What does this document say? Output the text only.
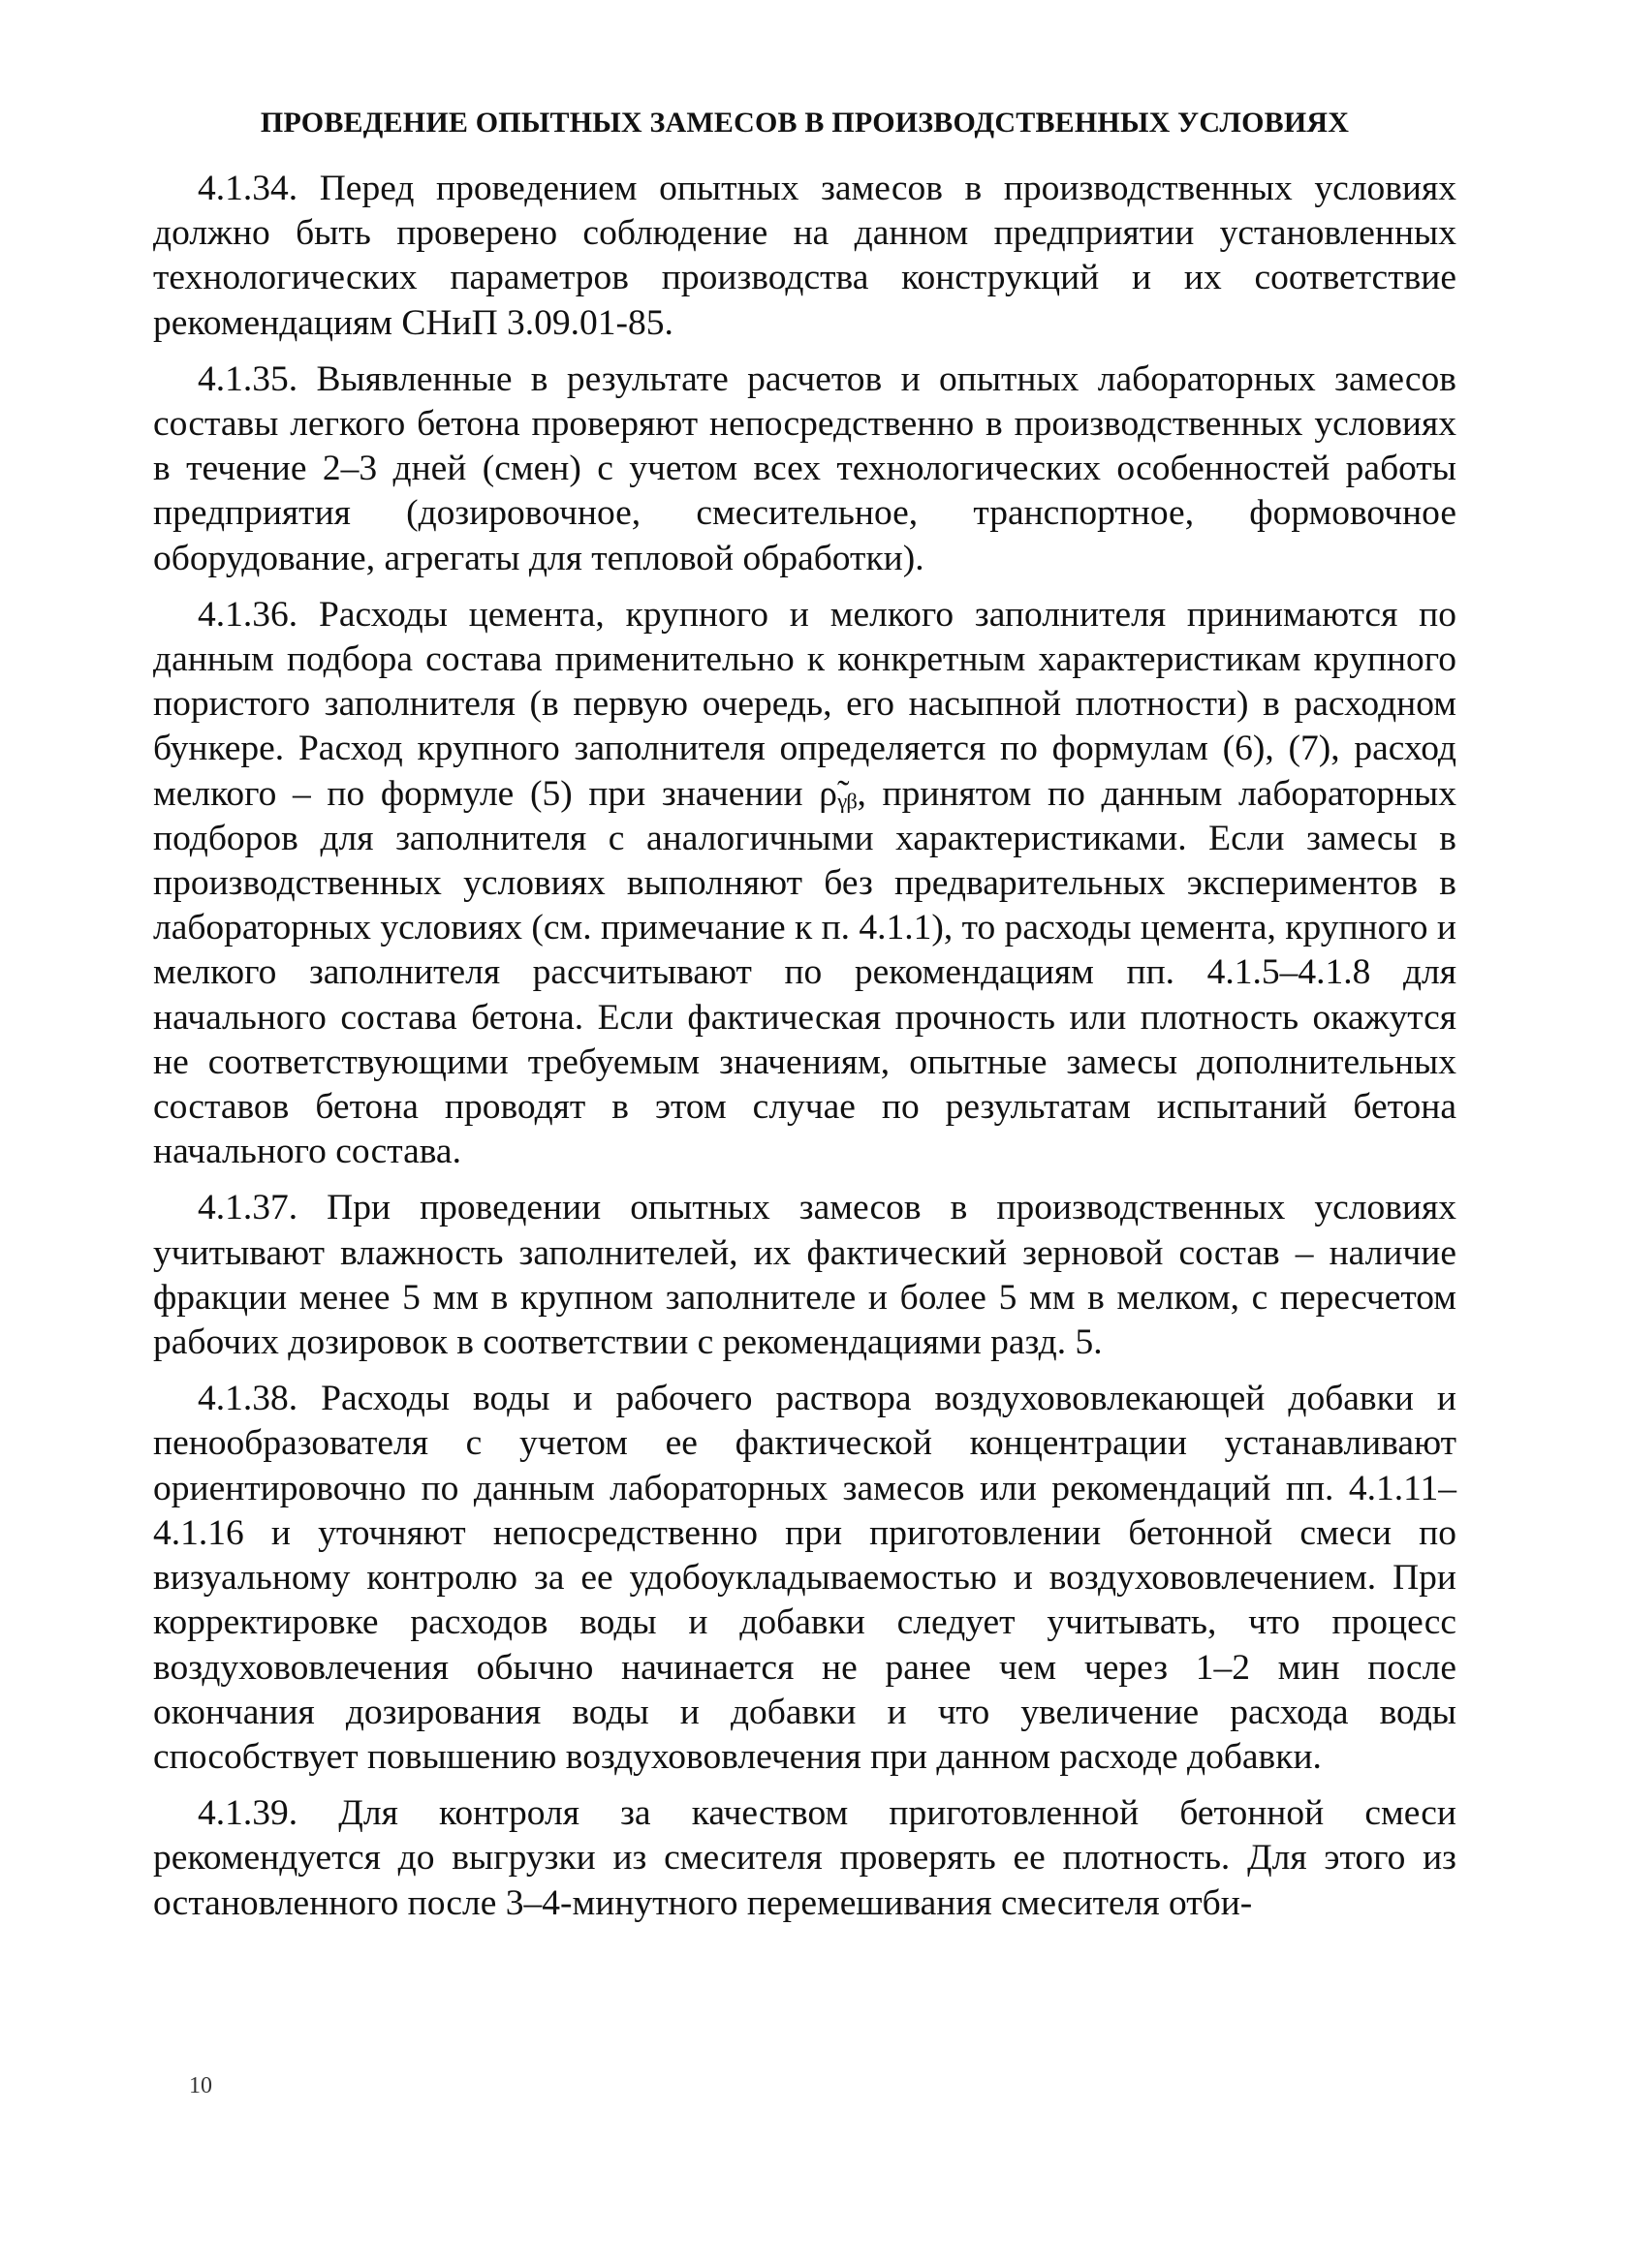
ПРОВЕДЕНИЕ ОПЫТНЫХ ЗАМЕСОВ В ПРОИЗВОДСТВЕННЫХ УСЛОВИЯХ

4.1.34. Перед проведением опытных замесов в производственных условиях должно быть проверено соблюдение на данном предприятии установленных технологических параметров производства конструкций и их соответствие рекомендациям СНиП 3.09.01-85.

4.1.35. Выявленные в результате расчетов и опытных лабораторных замесов составы легкого бетона проверяют непосредственно в производственных условиях в течение 2–3 дней (смен) с учетом всех технологических особенностей работы предприятия (дозировочное, смесительное, транспортное, формовочное оборудование, агрегаты для тепловой обработки).

4.1.36. Расходы цемента, крупного и мелкого заполнителя принимаются по данным подбора состава применительно к конкретным характеристикам крупного пористого заполнителя (в первую очередь, его насыпной плотности) в расходном бункере. Расход крупного заполнителя определяется по формулам (6), (7), расход мелкого – по формуле (5) при значении ρ̃ᵧᵦ, принятом по данным лабораторных подборов для заполнителя с аналогичными характеристиками. Если замесы в производственных условиях выполняют без предварительных экспериментов в лабораторных условиях (см. примечание к п. 4.1.1), то расходы цемента, крупного и мелкого заполнителя рассчитывают по рекомендациям пп. 4.1.5–4.1.8 для начального состава бетона. Если фактическая прочность или плотность окажутся не соответствующими требуемым значениям, опытные замесы дополнительных составов бетона проводят в этом случае по результатам испытаний бетона начального состава.

4.1.37. При проведении опытных замесов в производственных условиях учитывают влажность заполнителей, их фактический зерновой состав – наличие фракции менее 5 мм в крупном заполнителе и более 5 мм в мелком, с пересчетом рабочих дозировок в соответствии с рекомендациями разд. 5.

4.1.38. Расходы воды и рабочего раствора воздухововлекающей добавки и пенообразователя с учетом ее фактической концентрации устанавливают ориентировочно по данным лабораторных замесов или рекомендаций пп. 4.1.11–4.1.16 и уточняют непосредственно при приготовлении бетонной смеси по визуальному контролю за ее удобоукладываемостью и воздухововлечением. При корректировке расходов воды и добавки следует учитывать, что процесс воздухововлечения обычно начинается не ранее чем через 1–2 мин после окончания дозирования воды и добавки и что увеличение расхода воды способствует повышению воздухововлечения при данном расходе добавки.

4.1.39. Для контроля за качеством приготовленной бетонной смеси рекомендуется до выгрузки из смесителя проверять ее плотность. Для этого из остановленного после 3–4-минутного перемешивания смесителя отби-

10
